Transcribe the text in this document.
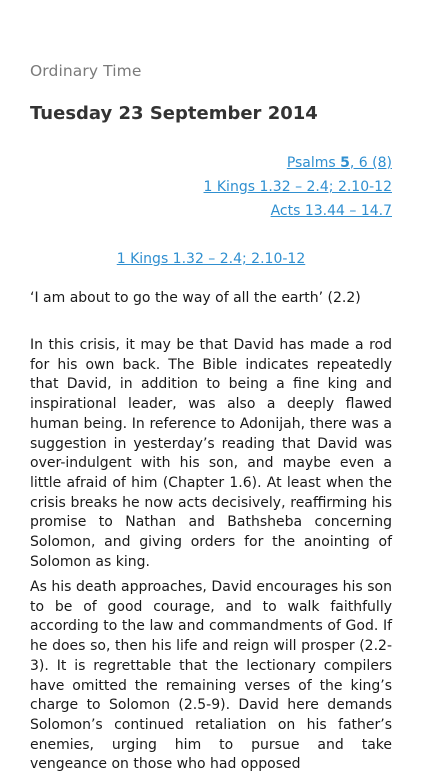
Ordinary Time
Tuesday 23 September 2014
Psalms 5, 6 (8)
1 Kings 1.32 – 2.4; 2.10-12
Acts 13.44 – 14.7
1 Kings 1.32 – 2.4; 2.10-12
‘I am about to go the way of all the earth’ (2.2)
In this crisis, it may be that David has made a rod for his own back. The Bible indicates repeatedly that David, in addition to being a fine king and inspirational leader, was also a deeply flawed human being. In reference to Adonijah, there was a suggestion in yesterday’s reading that David was over-indulgent with his son, and maybe even a little afraid of him (Chapter 1.6). At least when the crisis breaks he now acts decisively, reaffirming his promise to Nathan and Bathsheba concerning Solomon, and giving orders for the anointing of Solomon as king.
As his death approaches, David encourages his son to be of good courage, and to walk faithfully according to the law and commandments of God. If he does so, then his life and reign will prosper (2.2-3). It is regrettable that the lectionary compilers have omitted the remaining verses of the king’s charge to Solomon (2.5-9). David here demands Solomon’s continued retaliation on his father’s enemies, urging him to pursue and take vengeance on those who had opposed
